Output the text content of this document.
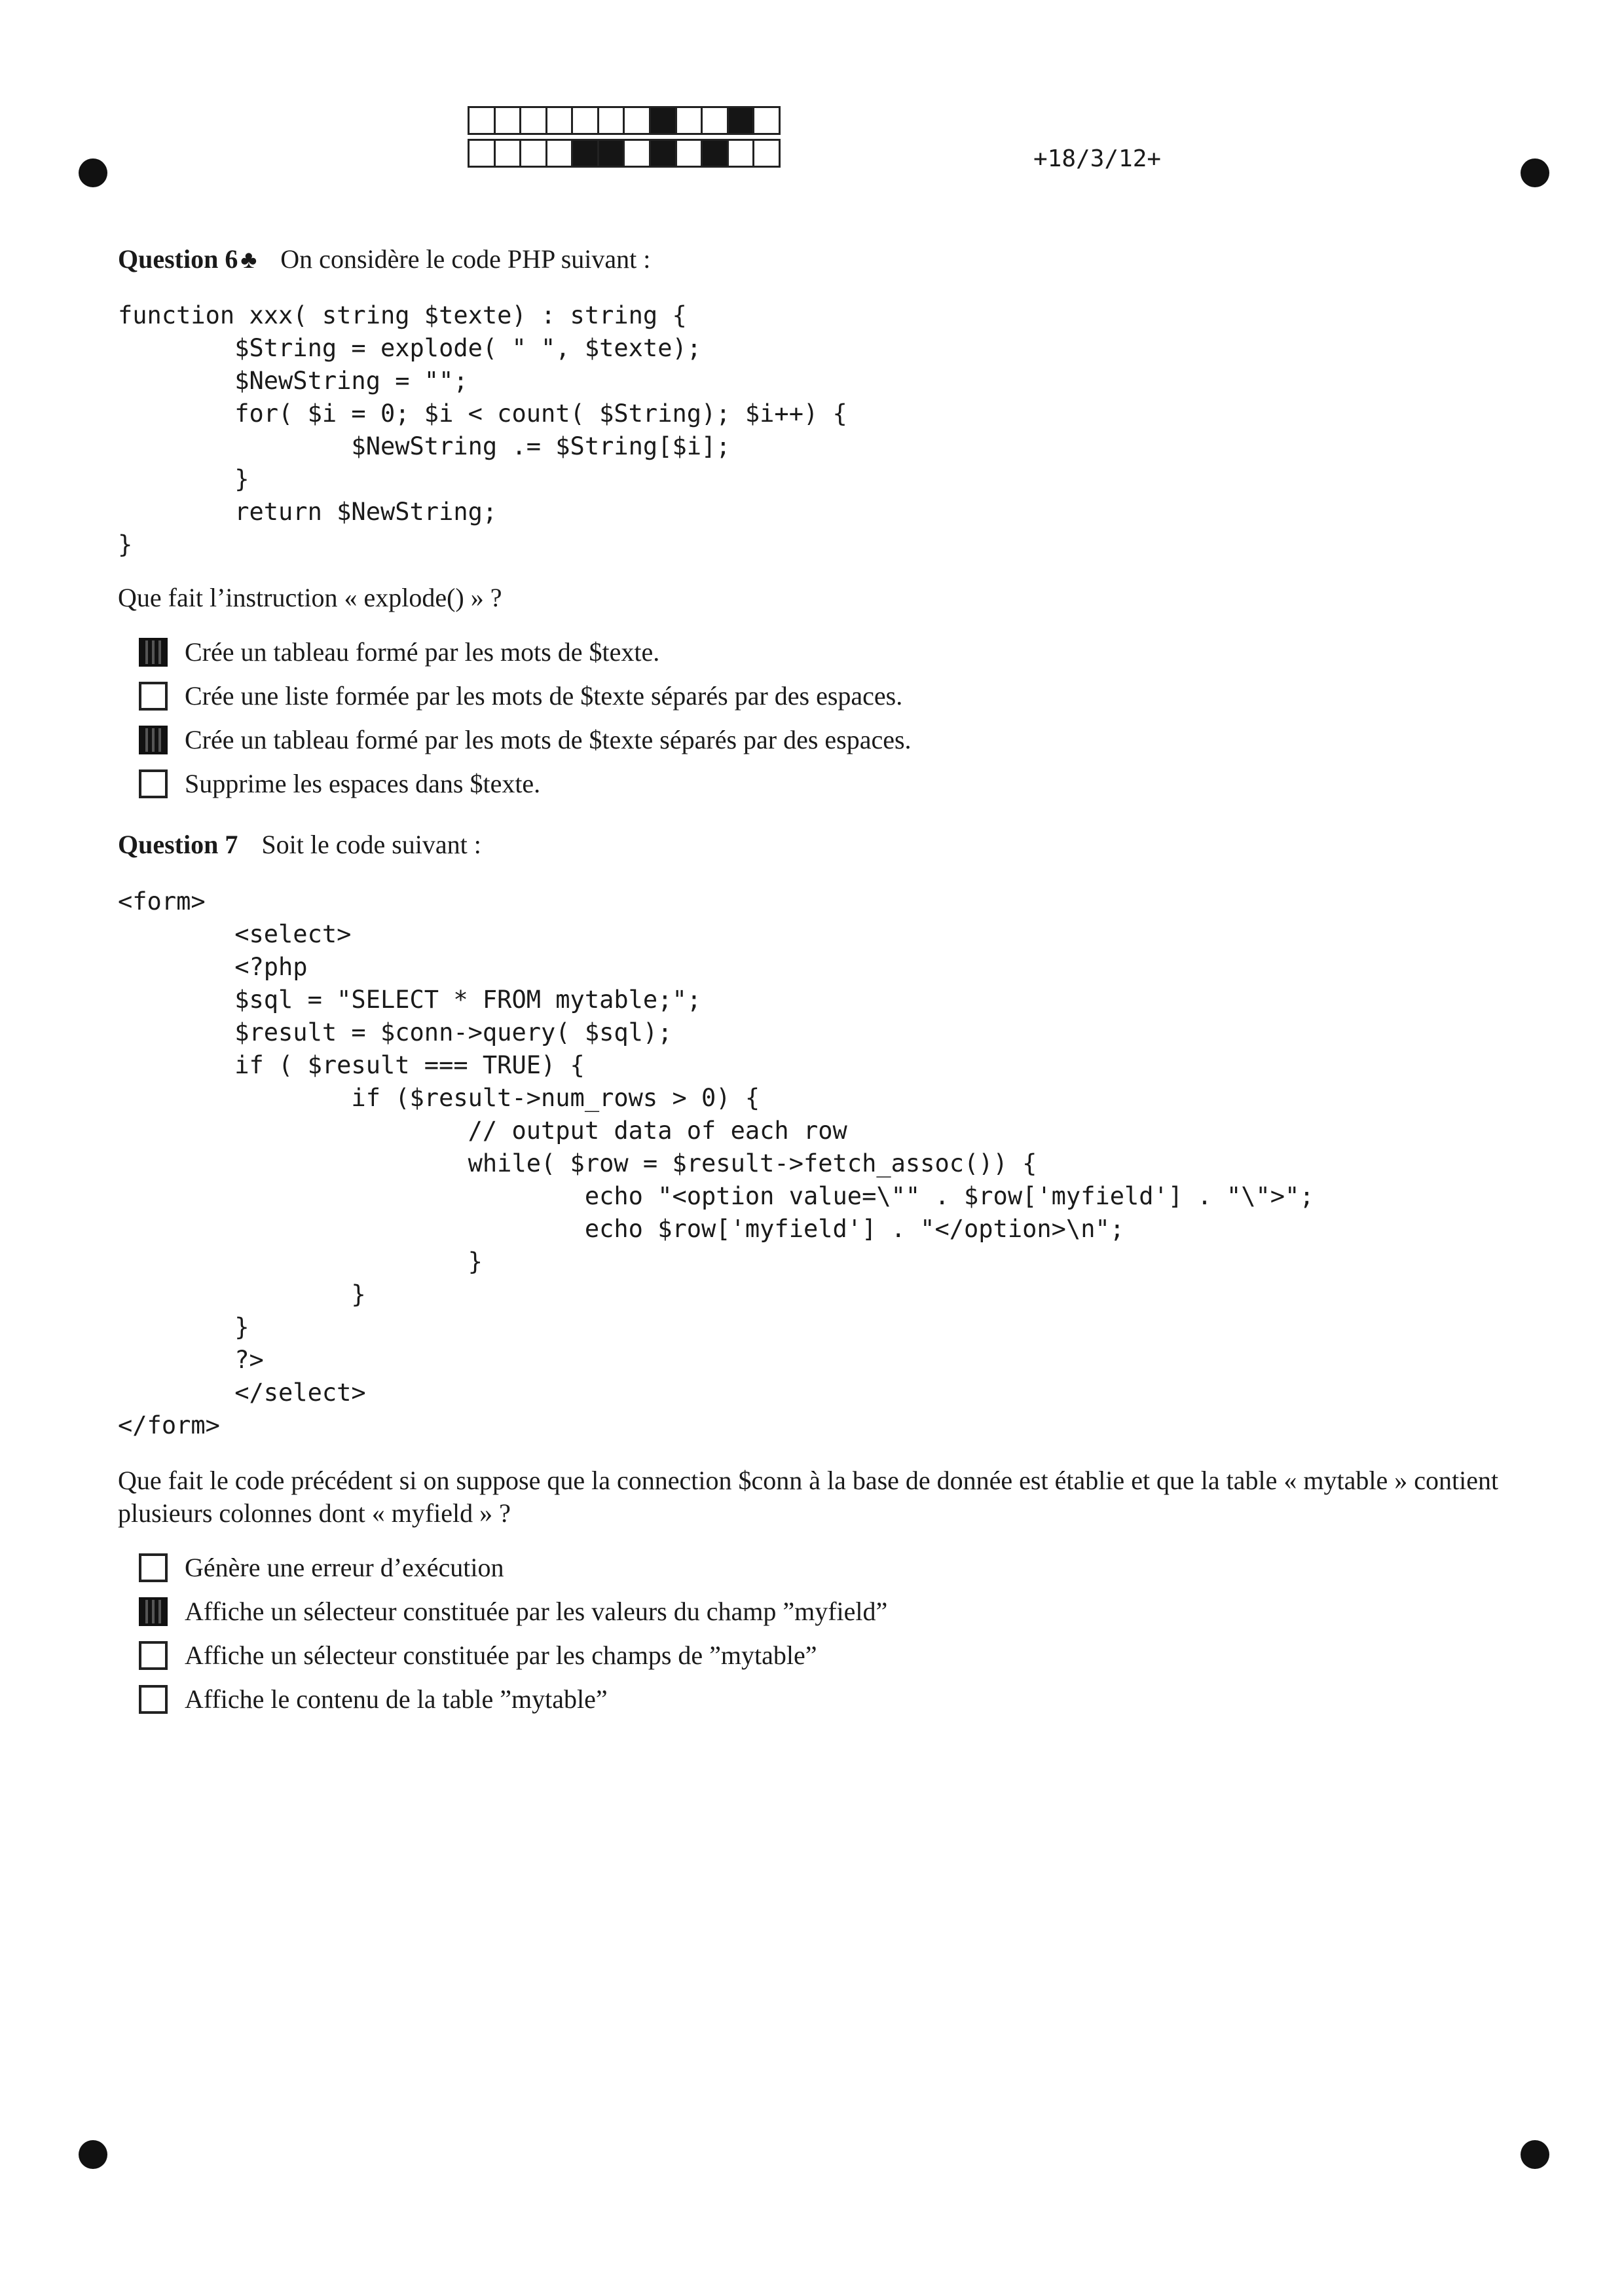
+18/3/12+
Question 6 ♣ On considère le code PHP suivant :
function xxx( string $texte) : string {
$String = explode( " ", $texte);
$NewString = "";
for( $i = 0; $i < count( $String); $i++) {
$NewString .= $String[$i];
}
return $NewString;
}
Que fait l’instruction « explode() » ?
Crée un tableau formé par les mots de $texte.
Crée une liste formée par les mots de $texte séparés par des espaces.
Crée un tableau formé par les mots de $texte séparés par des espaces.
Supprime les espaces dans $texte.
Question 7 Soit le code suivant :
<form>
<select>
<?php
$sql = "SELECT * FROM mytable;";
$result = $conn->query( $sql);
if ( $result === TRUE) {
if ($result->num_rows > 0) {
// output data of each row
while( $row = $result->fetch_assoc()) {
echo "<option value=\"" . $row['myfield'] . "\">";
echo $row['myfield'] . "</option>\n";
}
}
}
?>
</select>
</form>
Que fait le code précédent si on suppose que la connection $conn à la base de donnée est établie et que la table « mytable » contient plusieurs colonnes dont « myfield » ?
Génère une erreur d’exécution
Affiche un sélecteur constituée par les valeurs du champ ”myfield”
Affiche un sélecteur constituée par les champs de ”mytable”
Affiche le contenu de la table ”mytable”
